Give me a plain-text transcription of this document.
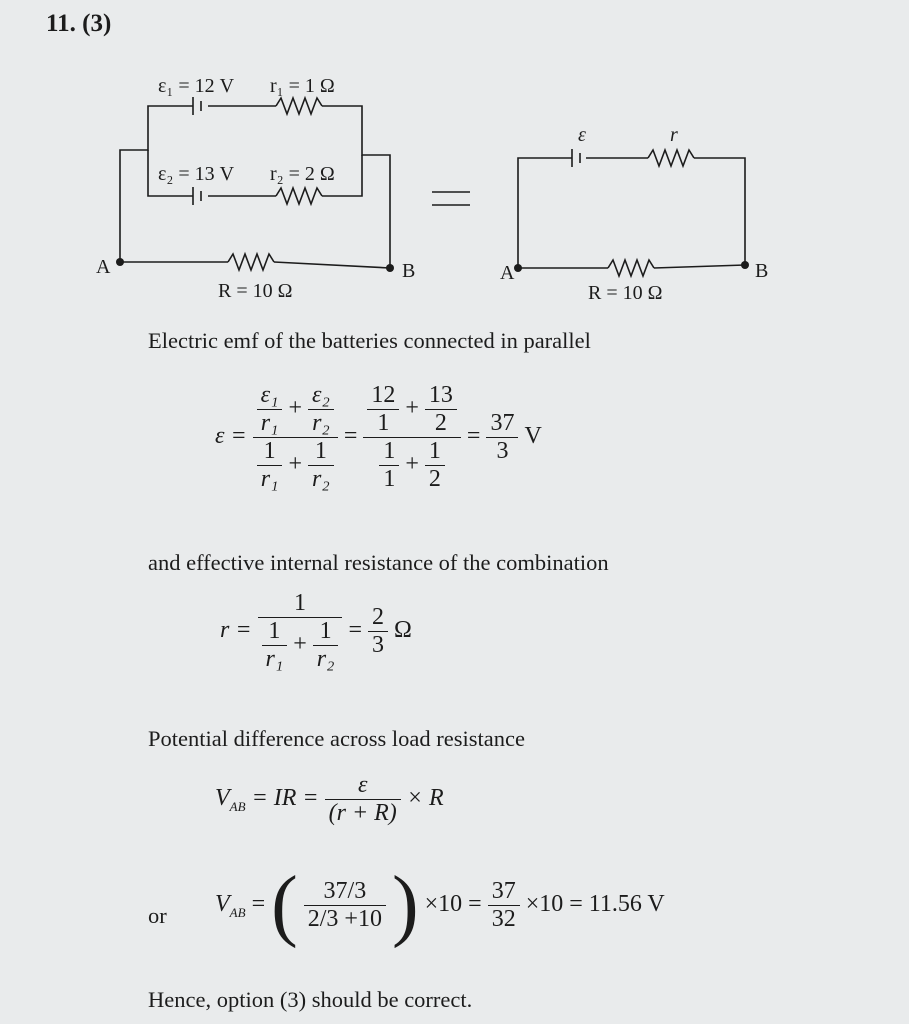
11. (3)
ε₁ = 12 V r₁ = 1 Ω
ε₂ = 13 V r₂ = 2 Ω
A	B
R = 10 Ω
ε	r
A	B
R = 10 Ω
Electric emf of the batteries connected in parallel
$\varepsilon = \frac{\frac{\text{ε₁}}{\text{r₁}} + \frac{\text{ε₂}}{\text{r₂}}}{\frac{1}{\text{r₁}} + \frac{1}{\text{r₂}}} = \frac{\frac{12}{1} + \frac{13}{2}}{\frac{1}{1} + \frac{1}{2}} = \frac{37}{3}$ V
and effective internal resistance of the combination
$r = \frac{1}{\frac{1}{\text{r₁}} + \frac{1}{\text{r₂}}} = \frac{2}{3}$ Ω
Potential difference across load resistance
$V_{AB}$ = IR = $\frac{\varepsilon}{(r + R)} \times R$
or $V_{AB}$ = ( $\frac{37/3}{2/3 +10}$ ) $\times 10 = \frac{37}{32} \times 10 = 11.56$ V
Hence, option (3) should be correct.
